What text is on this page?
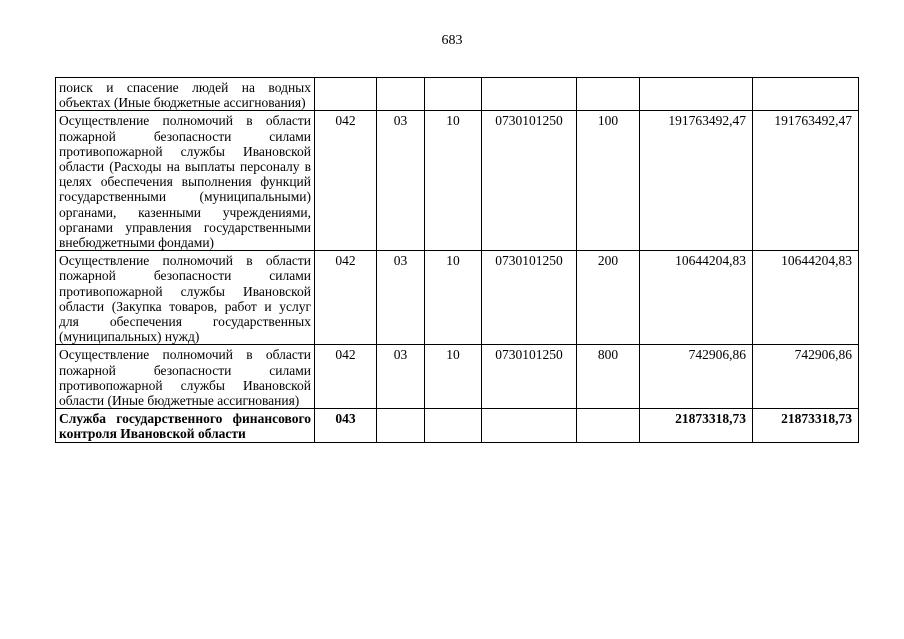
683
поиск и спасение людей на водных объектах (Иные бюджетные ассигнования)							
Осуществление полномочий в области пожарной безопасности силами противопожарной службы Ивановской области (Расходы на выплаты персоналу в целях обеспечения выполнения функций государственными (муниципальными) органами, казенными учреждениями, органами управления государственными внебюджетными фондами)	042	03	10	0730101250	100	191763492,47	191763492,47
Осуществление полномочий в области пожарной безопасности силами противопожарной службы Ивановской области (Закупка товаров, работ и услуг для обеспечения государственных (муниципальных) нужд)	042	03	10	0730101250	200	10644204,83	10644204,83
Осуществление полномочий в области пожарной безопасности силами противопожарной службы Ивановской области (Иные бюджетные ассигнования)	042	03	10	0730101250	800	742906,86	742906,86
Служба государственного финансового контроля Ивановской области	043					21873318,73	21873318,73
